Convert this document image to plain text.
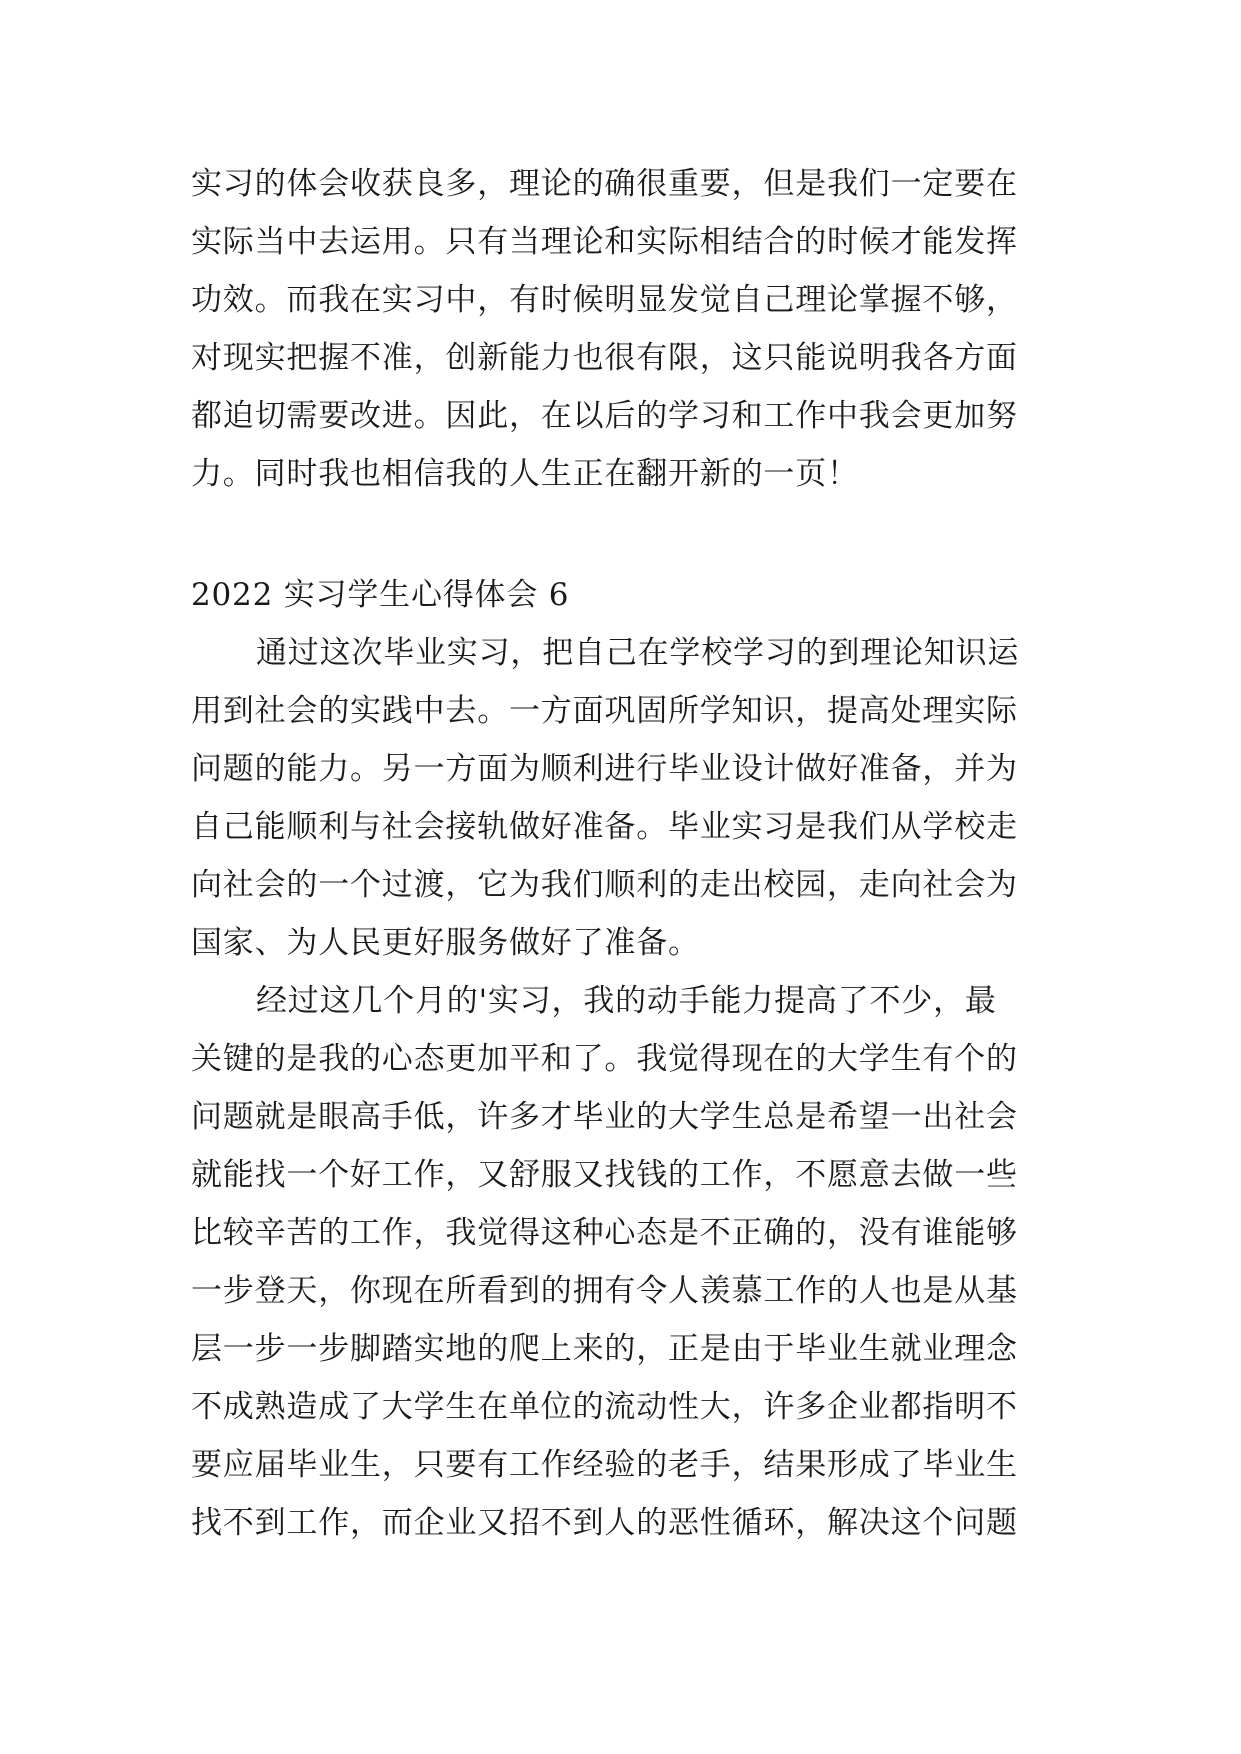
实习的体会收获良多，理论的确很重要，但是我们一定要在
实际当中去运用。只有当理论和实际相结合的时候才能发挥
功效。而我在实习中，有时候明显发觉自己理论掌握不够，
对现实把握不准，创新能力也很有限，这只能说明我各方面
都迫切需要改进。因此，在以后的学习和工作中我会更加努
力。同时我也相信我的人生正在翻开新的一页！
2022 实习学生心得体会 6
通过这次毕业实习，把自己在学校学习的到理论知识运
用到社会的实践中去。一方面巩固所学知识，提高处理实际
问题的能力。另一方面为顺利进行毕业设计做好准备，并为
自己能顺利与社会接轨做好准备。毕业实习是我们从学校走
向社会的一个过渡，它为我们顺利的走出校园，走向社会为
国家、为人民更好服务做好了准备。
经过这几个月的'实习，我的动手能力提高了不少，最
关键的是我的心态更加平和了。我觉得现在的大学生有个的
问题就是眼高手低，许多才毕业的大学生总是希望一出社会
就能找一个好工作，又舒服又找钱的工作，不愿意去做一些
比较辛苦的工作，我觉得这种心态是不正确的，没有谁能够
一步登天，你现在所看到的拥有令人羡慕工作的人也是从基
层一步一步脚踏实地的爬上来的，正是由于毕业生就业理念
不成熟造成了大学生在单位的流动性大，许多企业都指明不
要应届毕业生，只要有工作经验的老手，结果形成了毕业生
找不到工作，而企业又招不到人的恶性循环，解决这个问题
